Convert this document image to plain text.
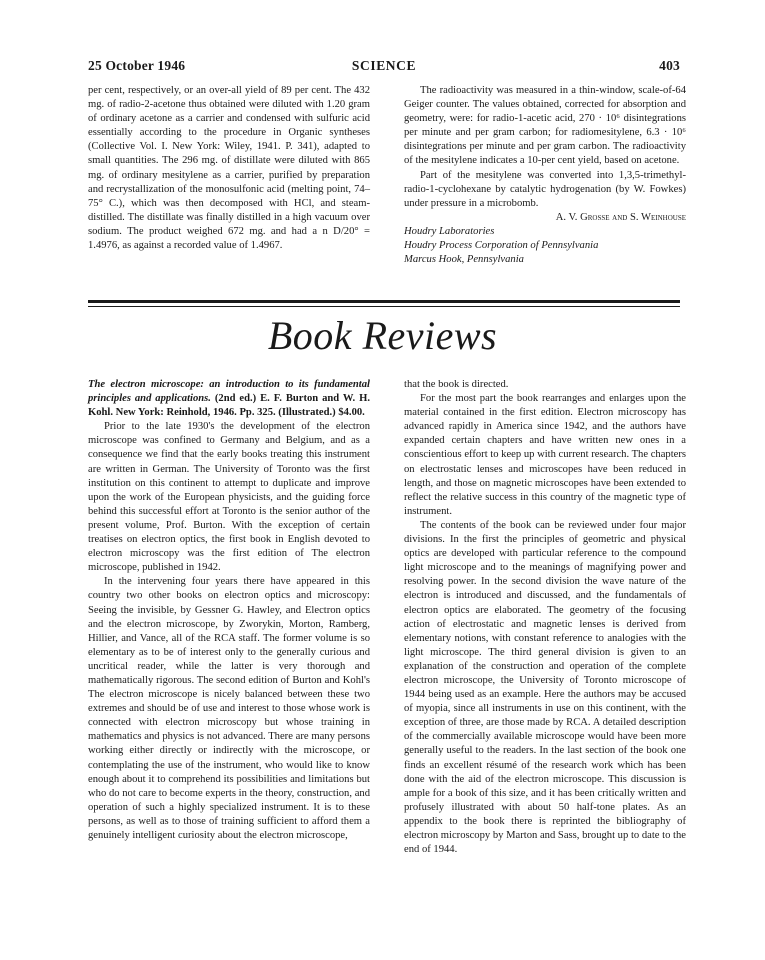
25 October 1946	SCIENCE	403

per cent, respectively, or an over-all yield of 89 per cent. The 432 mg. of radio-2-acetone thus obtained were diluted with 1.20 gram of ordinary acetone as a carrier and condensed with sulfuric acid essentially according to the procedure in Organic syntheses (Collective Vol. I. New York: Wiley, 1941. P. 341), adapted to small quantities. The 296 mg. of distillate were diluted with 865 mg. of ordinary mesitylene as a carrier, purified by preparation and recrystallization of the monosulfonic acid (melting point, 74–75° C.), which was then decomposed with HCl, and steam-distilled. The distillate was finally distilled in a high vacuum over sodium. The product weighed 672 mg. and had a n D/20° = 1.4976, as against a recorded value of 1.4967.

The radioactivity was measured in a thin-window, scale-of-64 Geiger counter. The values obtained, corrected for absorption and geometry, were: for radio-1-acetic acid, 270 · 10⁶ disintegrations per minute and per gram carbon; for radiomesitylene, 6.3 · 10⁶ disintegrations per minute and per gram carbon. The radioactivity of the mesitylene indicates a 10-per cent yield, based on acetone.

Part of the mesitylene was converted into 1,3,5-trimethyl-radio-1-cyclohexane by catalytic hydrogenation (by W. Fowkes) under pressure in a microbomb.

A. V. Grosse and S. Weinhouse

Houdry Laboratories

Houdry Process Corporation of Pennsylvania

Marcus Hook, Pennsylvania

Book Reviews

The electron microscope: an introduction to its fundamental principles and applications. (2nd ed.) E. F. Burton and W. H. Kohl. New York: Reinhold, 1946. Pp. 325. (Illustrated.) $4.00.

Prior to the late 1930's the development of the electron microscope was confined to Germany and Belgium, and as a consequence we find that the early books treating this instrument are written in German. The University of Toronto was the first institution on this continent to attempt to duplicate and improve upon the work of the European physicists, and the guiding force behind this successful effort at Toronto is the senior author of the present volume, Prof. Burton. With the exception of certain treatises on electron optics, the first book in English devoted to electron microscopy was the first edition of The electron microscope, published in 1942.

In the intervening four years there have appeared in this country two other books on electron optics and microscopy: Seeing the invisible, by Gessner G. Hawley, and Electron optics and the electron microscope, by Zworykin, Morton, Ramberg, Hillier, and Vance, all of the RCA staff. The former volume is so elementary as to be of interest only to the generally curious and uncritical reader, while the latter is very thorough and mathematically rigorous. The second edition of Burton and Kohl's The electron microscope is nicely balanced between these two extremes and should be of use and interest to those whose work is connected with electron microscopy but whose training in mathematics and physics is not advanced. There are many persons working either directly or indirectly with the microscope, or contemplating the use of the instrument, who would like to know enough about it to comprehend its possibilities and limitations but who do not care to become experts in the theory, construction, and operation of such a highly specialized instrument. It is to these persons, as well as to those of training sufficient to afford them a genuinely intelligent curiosity about the electron microscope,

that the book is directed.

For the most part the book rearranges and enlarges upon the material contained in the first edition. Electron microscopy has advanced rapidly in America since 1942, and the authors have expanded certain chapters and have written new ones in a conscientious effort to keep up with current research. The chapters on electrostatic lenses and microscopes have been reduced in length, and those on magnetic microscopes have been extended to reflect the relative success in this country of the magnetic type of instrument.

The contents of the book can be reviewed under four major divisions. In the first the principles of geometric and physical optics are developed with particular reference to the compound light microscope and to the meanings of magnifying power and resolving power. In the second division the wave nature of the electron is introduced and discussed, and the fundamentals of electron optics are elaborated. The geometry of the focusing action of electrostatic and magnetic lenses is derived from elementary notions, with constant reference to analogies with the light microscope. The third general division is given to an explanation of the construction and operation of the complete electron microscope, the University of Toronto microscope of 1944 being used as an example. Here the authors may be accused of myopia, since all instruments in use on this continent, with the exception of three, are those made by RCA. A detailed description of the commercially available microscope would have been more generally useful to the readers. In the last section of the book one finds an excellent résumé of the research work which has been done with the aid of the electron microscope. This discussion is ample for a book of this size, and it has been critically written and profusely illustrated with about 50 half-tone plates. As an appendix to the book there is reprinted the bibliography of electron microscopy by Marton and Sass, brought up to date to the end of 1944.
